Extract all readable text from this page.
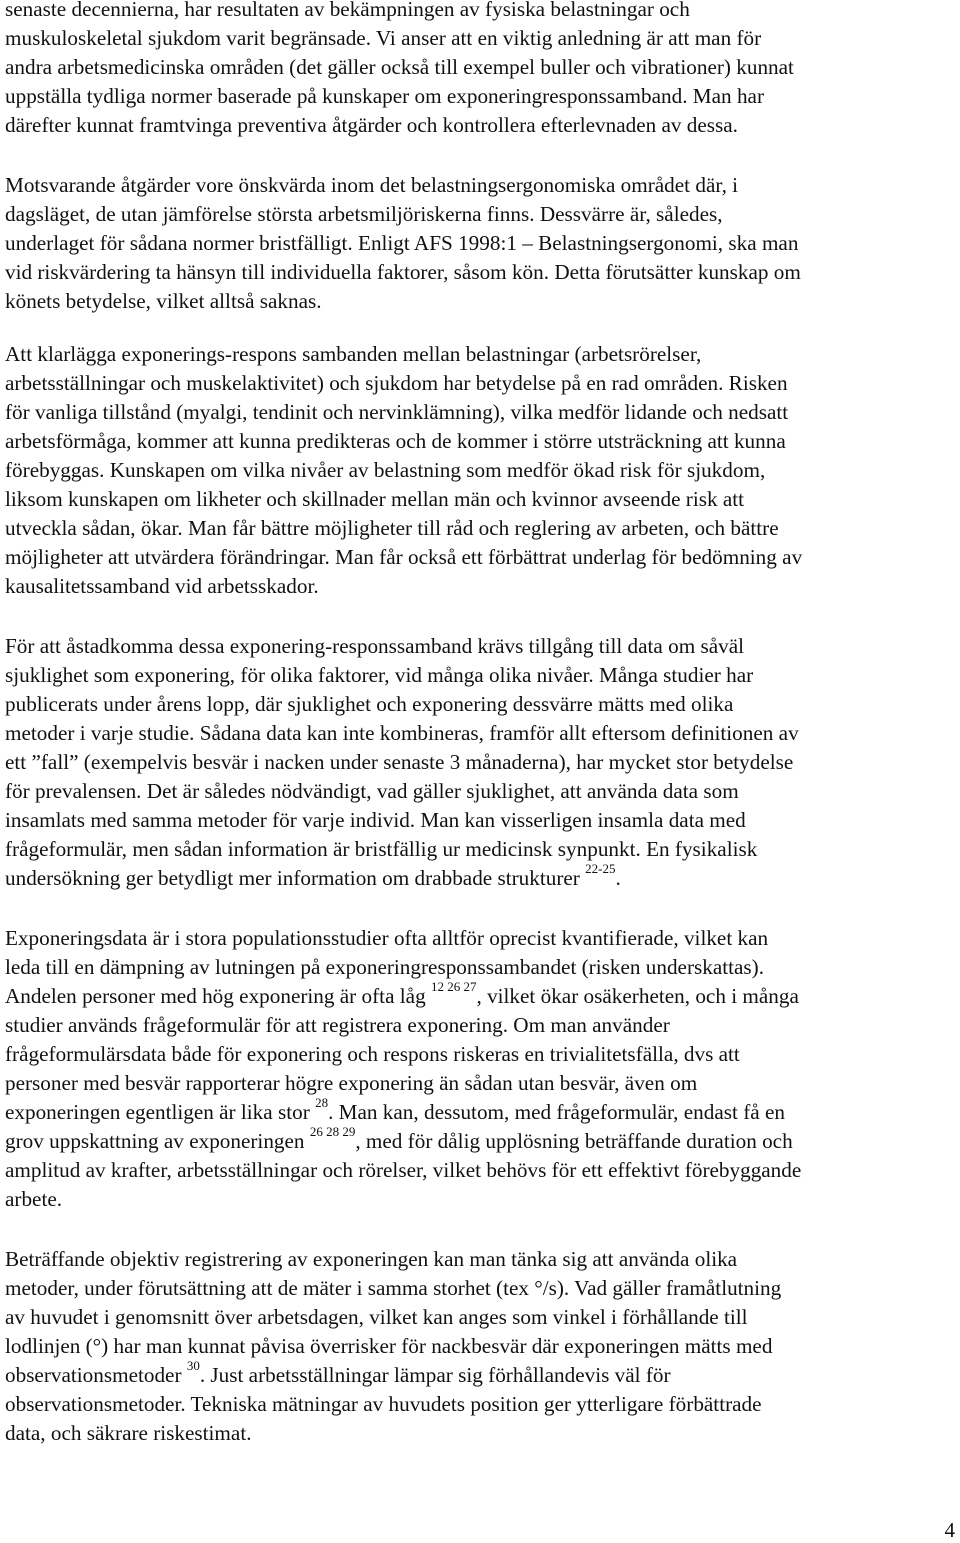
senaste decennierna, har resultaten av bekämpningen av fysiska belastningar och
muskuloskeletal sjukdom varit begränsade. Vi anser att en viktig anledning är att man för
andra arbetsmedicinska områden (det gäller också till exempel buller och vibrationer) kunnat
uppställa tydliga normer baserade på kunskaper om exponeringresponssamband. Man har
därefter kunnat framtvinga preventiva åtgärder och kontrollera efterlevnaden av dessa.

Motsvarande åtgärder vore önskvärda inom det belastningsergonomiska området där, i
dagsläget, de utan jämförelse största arbetsmiljöriskerna finns. Dessvärre är, således,
underlaget för sådana normer bristfälligt. Enligt AFS 1998:1 – Belastningsergonomi, ska man
vid riskvärdering ta hänsyn till individuella faktorer, såsom kön. Detta förutsätter kunskap om
könets betydelse, vilket alltså saknas.

Att klarlägga exponerings-respons sambanden mellan belastningar (arbetsrörelser,
arbetsställningar och muskelaktivitet) och sjukdom har betydelse på en rad områden. Risken
för vanliga tillstånd (myalgi, tendinit och nervinklämning), vilka medför lidande och nedsatt
arbetsförmåga, kommer att kunna predikteras och de kommer i större utsträckning att kunna
förebyggas. Kunskapen om vilka nivåer av belastning som medför ökad risk för sjukdom,
liksom kunskapen om likheter och skillnader mellan män och kvinnor avseende risk att
utveckla sådan, ökar. Man får bättre möjligheter till råd och reglering av arbeten, och bättre
möjligheter att utvärdera förändringar. Man får också ett förbättrat underlag för bedömning av
kausalitetssamband vid arbetsskador.

För att åstadkomma dessa exponering-responssamband krävs tillgång till data om såväl
sjuklighet som exponering, för olika faktorer, vid många olika nivåer. Många studier har
publicerats under årens lopp, där sjuklighet och exponering dessvärre mätts med olika
metoder i varje studie. Sådana data kan inte kombineras, framför allt eftersom definitionen av
ett ”fall” (exempelvis besvär i nacken under senaste 3 månaderna), har mycket stor betydelse
för prevalensen. Det är således nödvändigt, vad gäller sjuklighet, att använda data som
insamlats med samma metoder för varje individ. Man kan visserligen insamla data med
frågeformulär, men sådan information är bristfällig ur medicinsk synpunkt. En fysikalisk
undersökning ger betydligt mer information om drabbade strukturer $^{22-25}$.

Exponeringsdata är i stora populationsstudier ofta alltför oprecist kvantifierade, vilket kan
leda till en dämpning av lutningen på exponeringresponssambandet (risken underskattas).
Andelen personer med hög exponering är ofta låg $^{12 26 27}$, vilket ökar osäkerheten, och i många
studier används frågeformulär för att registrera exponering. Om man använder
frågeformulärsdata både för exponering och respons riskeras en trivialitetsfälla, dvs att
personer med besvär rapporterar högre exponering än sådan utan besvär, även om
exponeringen egentligen är lika stor $^{28}$. Man kan, dessutom, med frågeformulär, endast få en
grov uppskattning av exponeringen $^{26 28 29}$, med för dålig upplösning beträffande duration och
amplitud av krafter, arbetsställningar och rörelser, vilket behövs för ett effektivt förebyggande
arbete.

Beträffande objektiv registrering av exponeringen kan man tänka sig att använda olika
metoder, under förutsättning att de mäter i samma storhet (tex °/s). Vad gäller framåtlutning
av huvudet i genomsnitt över arbetsdagen, vilket kan anges som vinkel i förhållande till
lodlinjen (°) har man kunnat påvisa överrisker för nackbesvär där exponeringen mätts med
observationsmetoder $^{30}$. Just arbetsställningar lämpar sig förhållandevis väl för
observationsmetoder. Tekniska mätningar av huvudets position ger ytterligare förbättrade
data, och säkrare riskestimat.

4
